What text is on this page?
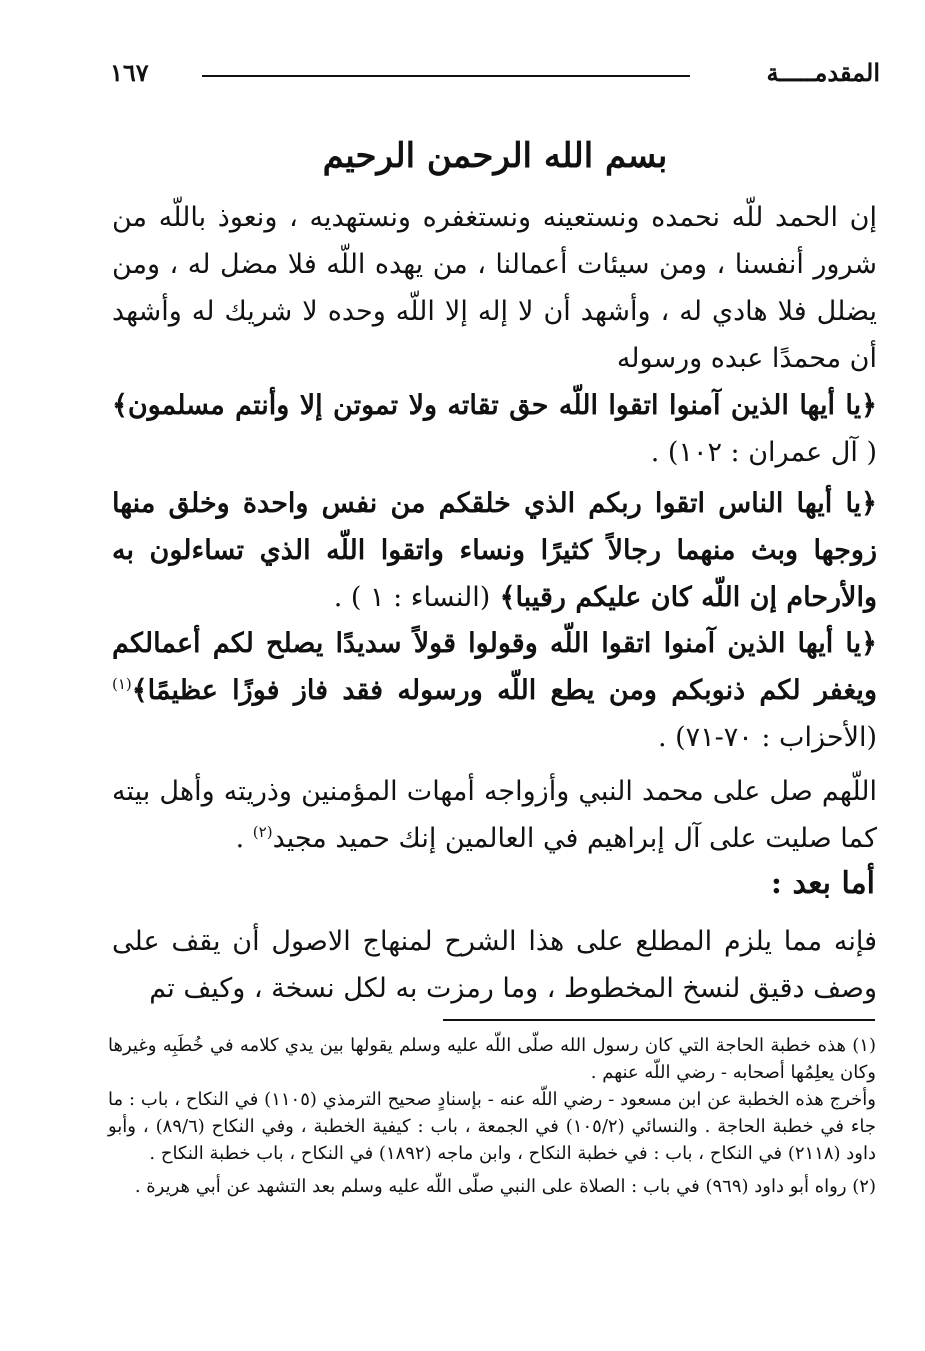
المقدمـــــة
١٦٧
بسم الله الرحمن الرحيم
إن الحمد للّه نحمده ونستعينه ونستغفره ونستهديه ، ونعوذ باللّه من شرور أنفسنا ، ومن سيئات أعمالنا ، من يهده اللّه فلا مضل له ، ومن يضلل فلا هادي له ، وأشهد أن لا إله إلا اللّه وحده لا شريك له وأشهد أن محمدًا عبده ورسوله
﴿يا أيها الذين آمنوا اتقوا اللّه حق تقاته ولا تموتن إلا وأنتم مسلمون﴾ ( آل عمران : ١٠٢) .
﴿يا أيها الناس اتقوا ربكم الذي خلقكم من نفس واحدة وخلق منها زوجها وبث منهما رجالاً كثيرًا ونساء واتقوا اللّه الذي تساءلون به والأرحام إن اللّه كان عليكم رقيبا﴾ (النساء : ١ ) .
﴿يا أيها الذين آمنوا اتقوا اللّه وقولوا قولاً سديدًا يصلح لكم أعمالكم ويغفر لكم ذنوبكم ومن يطع اللّه ورسوله فقد فاز فوزًا عظيمًا﴾$^{(١)}$ (الأحزاب : ٧٠-٧١) .
اللّهم صل على محمد النبي وأزواجه أمهات المؤمنين وذريته وأهل بيته كما صليت على آل إبراهيم في العالمين إنك حميد مجيد$^{(٢)}$ .
أما بعد :
فإنه مما يلزم المطلع على هذا الشرح لمنهاج الاصول أن يقف على وصف دقيق لنسخ المخطوط ، وما رمزت به لكل نسخة ، وكيف تم

(١) هذه خطبة الحاجة التي كان رسول الله صلّى اللّه عليه وسلم يقولها بين يدي كلامه في خُطَبِه وغيرها وكان يعلِمُها أصحابه - رضي اللّه عنهم .

وأخرج هذه الخطبة عن ابن مسعود - رضي اللّه عنه - بإسنادٍ صحيح الترمذي (١١٠٥) في النكاح ، باب : ما جاء في خطبة الحاجة . والنسائي (١٠٥/٢) في الجمعة ، باب : كيفية الخطبة ، وفي النكاح (٨٩/٦) ، وأبو داود (٢١١٨) في النكاح ، باب : في خطبة النكاح ، وابن ماجه (١٨٩٢) في النكاح ، باب خطبة النكاح .

(٢) رواه أبو داود (٩٦٩) في باب : الصلاة على النبي صلّى اللّه عليه وسلم بعد التشهد عن أبي هريرة .
